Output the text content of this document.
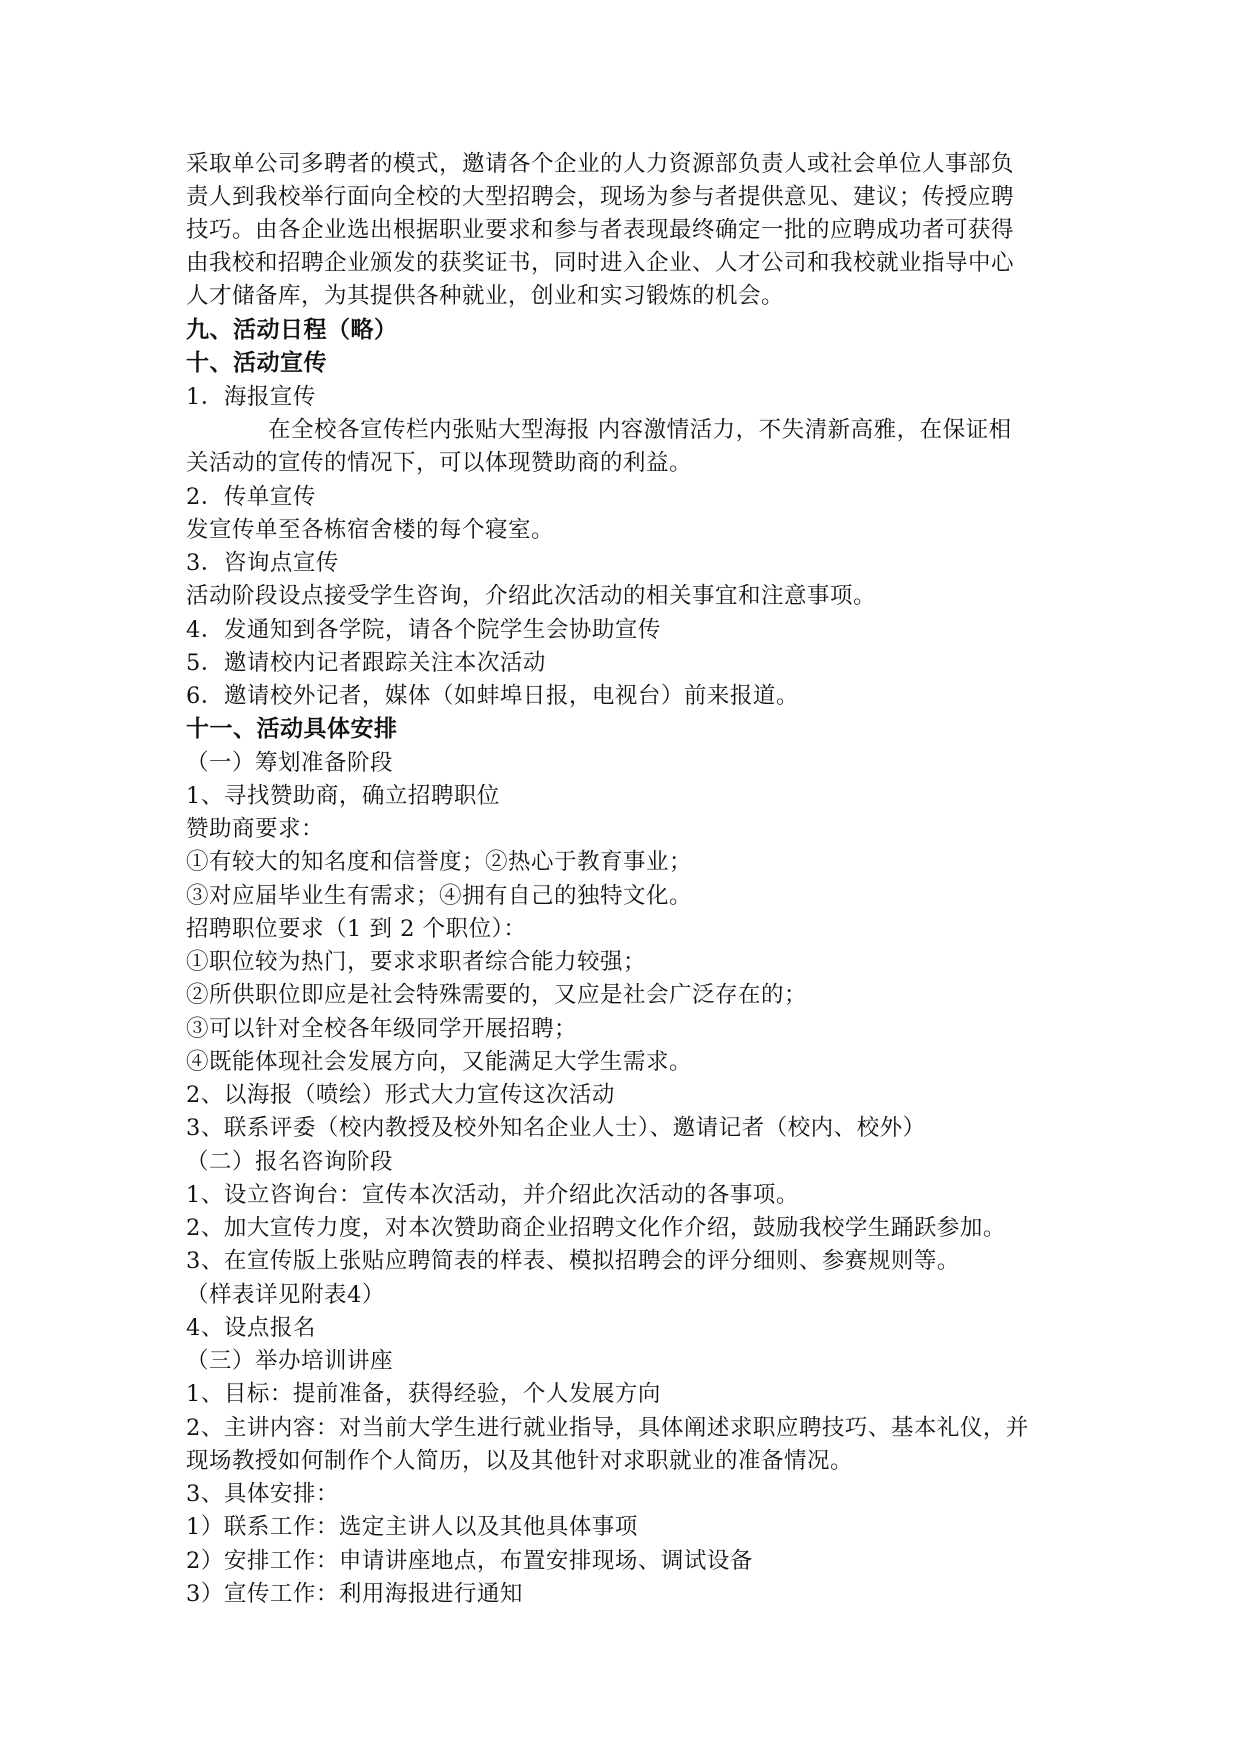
采取单公司多聘者的模式，邀请各个企业的人力资源部负责人或社会单位人事部负
责人到我校举行面向全校的大型招聘会，现场为参与者提供意见、建议；传授应聘
技巧。由各企业选出根据职业要求和参与者表现最终确定一批的应聘成功者可获得
由我校和招聘企业颁发的获奖证书，同时进入企业、人才公司和我校就业指导中心
人才储备库，为其提供各种就业，创业和实习锻炼的机会。
九、活动日程（略）
十、活动宣传
1．海报宣传
在全校各宣传栏内张贴大型海报 内容激情活力，不失清新高雅，在保证相
关活动的宣传的情况下，可以体现赞助商的利益。
2．传单宣传
发宣传单至各栋宿舍楼的每个寝室。
3．咨询点宣传
活动阶段设点接受学生咨询，介绍此次活动的相关事宜和注意事项。
4．发通知到各学院，请各个院学生会协助宣传
5．邀请校内记者跟踪关注本次活动
6．邀请校外记者，媒体（如蚌埠日报，电视台）前来报道。
十一、活动具体安排
（一）筹划准备阶段
1、寻找赞助商，确立招聘职位
赞助商要求：
①有较大的知名度和信誉度；②热心于教育事业；
③对应届毕业生有需求；④拥有自己的独特文化。
招聘职位要求（1 到 2 个职位）：
①职位较为热门，要求求职者综合能力较强；
②所供职位即应是社会特殊需要的，又应是社会广泛存在的；
③可以针对全校各年级同学开展招聘；
④既能体现社会发展方向，又能满足大学生需求。
2、以海报（喷绘）形式大力宣传这次活动
3、联系评委（校内教授及校外知名企业人士）、邀请记者（校内、校外）
（二）报名咨询阶段
1、设立咨询台：宣传本次活动，并介绍此次活动的各事项。
2、加大宣传力度，对本次赞助商企业招聘文化作介绍，鼓励我校学生踊跃参加。
3、在宣传版上张贴应聘简表的样表、模拟招聘会的评分细则、参赛规则等。
（样表详见附表4）
4、设点报名
（三）举办培训讲座
1、目标：提前准备，获得经验，个人发展方向
2、主讲内容：对当前大学生进行就业指导，具体阐述求职应聘技巧、基本礼仪，并
现场教授如何制作个人简历，以及其他针对求职就业的准备情况。
3、具体安排：
1）联系工作：选定主讲人以及其他具体事项
2）安排工作：申请讲座地点，布置安排现场、调试设备
3）宣传工作：利用海报进行通知
